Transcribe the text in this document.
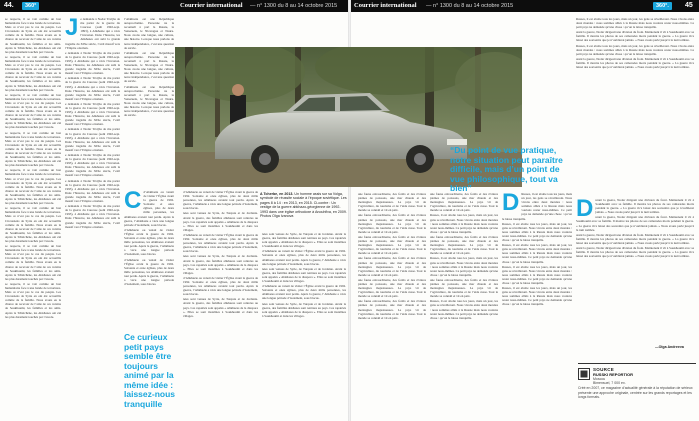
44.	360°	Courrier international — n° 1300 du 8 au 14 octobre 2015

se respecte, il se voit comme un bon humanitaire face à une bande de terroristes. Mais ce n’est pas le cas du peuple. Les Circassiens de Syrie en ont été accueillis comme de la famille. Nous avons eu la chance de recevoir de l’aide de ces voisins de Soukhoumi, les familles et les amis. Après le Tchétchène, les Abkhazes ont été les plus durement touchés par l’exode.

se respecte, il se voit comme un bon humanitaire face à une bande de terroristes. Mais ce n’est pas le cas du peuple. Les Circassiens de Syrie en ont été accueillis comme de la famille. Nous avons eu la chance de recevoir de l’aide de ces voisins de Soukhoumi, les familles et les amis. Après le Tchétchène, les Abkhazes ont été les plus durement touchés par l’exode.

se respecte, il se voit comme un bon humanitaire face à une bande de terroristes. Mais ce n’est pas le cas du peuple. Les Circassiens de Syrie en ont été accueillis comme de la famille. Nous avons eu la chance de recevoir de l’aide de ces voisins de Soukhoumi, les familles et les amis. Après le Tchétchène, les Abkhazes ont été les plus durement touchés par l’exode.

se respecte, il se voit comme un bon humanitaire face à une bande de terroristes. Mais ce n’est pas le cas du peuple. Les Circassiens de Syrie en ont été accueillis comme de la famille. Nous avons eu la chance de recevoir de l’aide de ces voisins de Soukhoumi, les familles et les amis. Après le Tchétchène, les Abkhazes ont été les plus durement touchés par l’exode.

se respecte, il se voit comme un bon humanitaire face à une bande de terroristes. Mais ce n’est pas le cas du peuple. Les Circassiens de Syrie en ont été accueillis comme de la famille. Nous avons eu la chance de recevoir de l’aide de ces voisins de Soukhoumi, les familles et les amis. Après le Tchétchène, les Abkhazes ont été les plus durement touchés par l’exode.

se respecte, il se voit comme un bon humanitaire face à une bande de terroristes. Mais ce n’est pas le cas du peuple. Les Circassiens de Syrie en ont été accueillis comme de la famille. Nous avons eu la chance de recevoir de l’aide de ces voisins de Soukhoumi, les familles et les amis. Après le Tchétchène, les Abkhazes ont été les plus durement touchés par l’exode.

se respecte, il se voit comme un bon humanitaire face à une bande de terroristes. Mais ce n’est pas le cas du peuple. Les Circassiens de Syrie en ont été accueillis comme de la famille. Nous avons eu la chance de recevoir de l’aide de ces voisins de Soukhoumi, les familles et les amis. Après le Tchétchène, les Abkhazes ont été les plus durement touchés par l’exode.

se respecte, il se voit comme un bon humanitaire face à une bande de terroristes. Mais ce n’est pas le cas du peuple. Les Circassiens de Syrie en ont été accueillis comme de la famille. Nous avons eu la chance de recevoir de l’aide de ces voisins de Soukhoumi, les familles et les amis. Après le Tchétchène, les Abkhazes ont été les plus durement touchés par l’exode.

J e demande à Nodar Tsvijba de me parler de la guerre du Caucase (août 1992-sept. 1993), à Abkhazie qui a vécu l’invasion. Dans l’histoire, les Abkhazes ont subi la grande tragédie du XIXe siècle, l’exil massif vers l’Empire ottoman.

e demande à Nodar Tsvijba de me parler de la guerre du Caucase (août 1992-sept. 1993), à Abkhazie qui a vécu l’invasion. Dans l’histoire, les Abkhazes ont subi la grande tragédie du XIXe siècle, l’exil massif vers l’Empire ottoman.

e demande à Nodar Tsvijba de me parler de la guerre du Caucase (août 1992-sept. 1993), à Abkhazie qui a vécu l’invasion. Dans l’histoire, les Abkhazes ont subi la grande tragédie du XIXe siècle, l’exil massif vers l’Empire ottoman.

e demande à Nodar Tsvijba de me parler de la guerre du Caucase (août 1992-sept. 1993), à Abkhazie qui a vécu l’invasion. Dans l’histoire, les Abkhazes ont subi la grande tragédie du XIXe siècle, l’exil massif vers l’Empire ottoman.

e demande à Nodar Tsvijba de me parler de la guerre du Caucase (août 1992-sept. 1993), à Abkhazie qui a vécu l’invasion. Dans l’histoire, les Abkhazes ont subi la grande tragédie du XIXe siècle, l’exil massif vers l’Empire ottoman.

e demande à Nodar Tsvijba de me parler de la guerre du Caucase (août 1992-sept. 1993), à Abkhazie qui a vécu l’invasion. Dans l’histoire, les Abkhazes ont subi la grande tragédie du XIXe siècle, l’exil massif vers l’Empire ottoman.

e demande à Nodar Tsvijba de me parler de la guerre du Caucase (août 1992-sept. 1993), à Abkhazie qui a vécu l’invasion. Dans l’histoire, les Abkhazes ont subi la grande tragédie du XIXe siècle, l’exil massif vers l’Empire ottoman.

e demande à Nodar Tsvijba de me parler de la guerre du Caucase (août 1992-sept. 1993), à Abkhazie qui a vécu l’invasion. Dans l’histoire, les Abkhazes ont subi la grande tragédie du XIXe siècle, l’exil massif vers l’Empire ottoman.

l’Abkhazie est une République autoproclamée. Personne ne la reconnaît à part la Russie, le Venezuela, le Nicaragua et Nauru. Nous avons une langue, une culture, une histoire. Lorsque nous parlons de notre indépendance, c’est une question de survie.

l’Abkhazie est une République autoproclamée. Personne ne la reconnaît à part la Russie, le Venezuela, le Nicaragua et Nauru. Nous avons une langue, une culture, une histoire. Lorsque nous parlons de notre indépendance, c’est une question de survie.

l’Abkhazie est une République autoproclamée. Personne ne la reconnaît à part la Russie, le Venezuela, le Nicaragua et Nauru. Nous avons une langue, une culture, une histoire. Lorsque nous parlons de notre indépendance, c’est une question de survie.

C d’Abkhazie ou venait de visiter l’Église avant la guerre de 1992. Soixante et onze églises, plus de deux mille personnes, les Abkhazes avaient tout perdu. Après la guerre, l’Abkhazie a vécu une longue période d’isolement, sous blocus.

d’Abkhazie ou venait de visiter l’Église avant la guerre de 1992. Soixante et onze églises, plus de deux mille personnes, les Abkhazes avaient tout perdu. Après la guerre, l’Abkhazie a vécu une longue période d’isolement, sous blocus.

d’Abkhazie ou venait de visiter l’Église avant la guerre de 1992. Soixante et onze églises, plus de deux mille personnes, les Abkhazes avaient tout perdu. Après la guerre, l’Abkhazie a vécu une longue période d’isolement, sous blocus.

Ce curieux petit pays semble être toujours animé par la même idée : laissez-nous tranquille

d’Abkhazie ou venait de visiter l’Église avant la guerre de 1992. Soixante et onze églises, plus de deux mille personnes, les Abkhazes avaient tout perdu. Après la guerre, l’Abkhazie a vécu une longue période d’isolement, sous blocus.

nées sont venues de Syrie, de Turquie et de Jordanie. Avant la guerre, des familles abkhazes sont rentrées au pays. Ces rapatriés sont appelés « Abkhazes de la diaspora ». Elles se sont installées à Soukhoumi et dans les villages.

d’Abkhazie ou venait de visiter l’Église avant la guerre de 1992. Soixante et onze églises, plus de deux mille personnes, les Abkhazes avaient tout perdu. Après la guerre, l’Abkhazie a vécu une longue période d’isolement, sous blocus.

nées sont venues de Syrie, de Turquie et de Jordanie. Avant la guerre, des familles abkhazes sont rentrées au pays. Ces rapatriés sont appelés « Abkhazes de la diaspora ». Elles se sont installées à Soukhoumi et dans les villages.

d’Abkhazie ou venait de visiter l’Église avant la guerre de 1992. Soixante et onze églises, plus de deux mille personnes, les Abkhazes avaient tout perdu. Après la guerre, l’Abkhazie a vécu une longue période d’isolement, sous blocus.

nées sont venues de Syrie, de Turquie et de Jordanie. Avant la guerre, des familles abkhazes sont rentrées au pays. Ces rapatriés sont appelés « Abkhazes de la diaspora ». Elles se sont installées à Soukhoumi et dans les villages.

nées sont venues de Syrie, de Turquie et de Jordanie. Avant la guerre, des familles abkhazes sont rentrées au pays. Ces rapatriés sont appelés « Abkhazes de la diaspora ». Elles se sont installées à Soukhoumi et dans les villages.

d’Abkhazie ou venait de visiter l’Église avant la guerre de 1992. Soixante et onze églises, plus de deux mille personnes, les Abkhazes avaient tout perdu. Après la guerre, l’Abkhazie a vécu une longue période d’isolement, sous blocus.

nées sont venues de Syrie, de Turquie et de Jordanie. Avant la guerre, des familles abkhazes sont rentrées au pays. Ces rapatriés sont appelés « Abkhazes de la diaspora ». Elles se sont installées à Soukhoumi et dans les villages.

d’Abkhazie ou venait de visiter l’Église avant la guerre de 1992. Soixante et onze églises, plus de deux mille personnes, les Abkhazes avaient tout perdu. Après la guerre, l’Abkhazie a vécu une longue période d’isolement, sous blocus.

nées sont venues de Syrie, de Turquie et de Jordanie. Avant la guerre, des familles abkhazes sont rentrées au pays. Ces rapatriés sont appelés « Abkhazes de la diaspora ». Elles se sont installées à Soukhoumi et dans les villages.

Courrier international — n° 1300 du 8 au 14 octobre 2015	360°.	45

une faune extraordinaire, des forêts et des rivières pleines de poissons, une mer chaude et des montagnes majestueuses. Le pays vit de l’agriculture, du tourisme et de l’aide russe. Tout le monde se connaît et vit en paix.

une faune extraordinaire, des forêts et des rivières pleines de poissons, une mer chaude et des montagnes majestueuses. Le pays vit de l’agriculture, du tourisme et de l’aide russe. Tout le monde se connaît et vit en paix.

une faune extraordinaire, des forêts et des rivières pleines de poissons, une mer chaude et des montagnes majestueuses. Le pays vit de l’agriculture, du tourisme et de l’aide russe. Tout le monde se connaît et vit en paix.

une faune extraordinaire, des forêts et des rivières pleines de poissons, une mer chaude et des montagnes majestueuses. Le pays vit de l’agriculture, du tourisme et de l’aide russe. Tout le monde se connaît et vit en paix.

une faune extraordinaire, des forêts et des rivières pleines de poissons, une mer chaude et des montagnes majestueuses. Le pays vit de l’agriculture, du tourisme et de l’aide russe. Tout le monde se connaît et vit en paix.

une faune extraordinaire, des forêts et des rivières pleines de poissons, une mer chaude et des montagnes majestueuses. Le pays vit de l’agriculture, du tourisme et de l’aide russe. Tout le monde se connaît et vit en paix.

une faune extraordinaire, des forêts et des rivières pleines de poissons, une mer chaude et des montagnes majestueuses. Le pays vit de l’agriculture, du tourisme et de l’aide russe. Tout le monde se connaît et vit en paix.

Russes, il est abolie tous les jours, mais un jour, les gens se réveilleront. Nous vivons entre deux mondes : nous sommes alliés à la Russie mais nous voulons rester nous-mêmes. Ce petit pays ne demande qu’une chose : qu’on le laisse tranquille.

une faune extraordinaire, des forêts et des rivières pleines de poissons, une mer chaude et des montagnes majestueuses. Le pays vit de l’agriculture, du tourisme et de l’aide russe. Tout le monde se connaît et vit en paix.

Russes, il est abolie tous les jours, mais un jour, les gens se réveilleront. Nous vivons entre deux mondes : nous sommes alliés à la Russie mais nous voulons rester nous-mêmes. Ce petit pays ne demande qu’une chose : qu’on le laisse tranquille.

une faune extraordinaire, des forêts et des rivières pleines de poissons, une mer chaude et des montagnes majestueuses. Le pays vit de l’agriculture, du tourisme et de l’aide russe. Tout le monde se connaît et vit en paix.

Russes, il est abolie tous les jours, mais un jour, les gens se réveilleront. Nous vivons entre deux mondes : nous sommes alliés à la Russie mais nous voulons rester nous-mêmes. Ce petit pays ne demande qu’une chose : qu’on le laisse tranquille.

D Russes, il est abolie tous les jours, mais un jour, les gens se réveilleront. Nous vivons entre deux mondes : nous sommes alliés à la Russie mais nous voulons rester nous-mêmes. Ce petit pays ne demande qu’une chose : qu’on le laisse tranquille.

Russes, il est abolie tous les jours, mais un jour, les gens se réveilleront. Nous vivons entre deux mondes : nous sommes alliés à la Russie mais nous voulons rester nous-mêmes. Ce petit pays ne demande qu’une chose : qu’on le laisse tranquille.

Russes, il est abolie tous les jours, mais un jour, les gens se réveilleront. Nous vivons entre deux mondes : nous sommes alliés à la Russie mais nous voulons rester nous-mêmes. Ce petit pays ne demande qu’une chose : qu’on le laisse tranquille.

Russes, il est abolie tous les jours, mais un jour, les gens se réveilleront. Nous vivons entre deux mondes : nous sommes alliés à la Russie mais nous voulons rester nous-mêmes. Ce petit pays ne demande qu’une chose : qu’on le laisse tranquille.

Russes, il est abolie tous les jours, mais un jour, les gens se réveilleront. Nous vivons entre deux mondes : nous sommes alliés à la Russie mais nous voulons rester nous-mêmes. Ce petit pays ne demande qu’une chose : qu’on le laisse tranquille.

Russes, il est abolie tous les jours, mais un jour, les gens se réveilleront. Nous vivons entre deux mondes : nous sommes alliés à la Russie mais nous voulons rester nous-mêmes. Ce petit pays ne demande qu’une chose : qu’on le laisse tranquille.

urant la guerre, Nodar dirigeait une division du front. Maintenant il vit à Soukhoumi avec sa famille. Il montre les photos de ses camarades morts pendant la guerre. « La guerre m’a laissé des souvenirs que je n’oublierai jamais. » Nous avons parlé jusqu’à la nuit tombée.

Russes, il est abolie tous les jours, mais un jour, les gens se réveilleront. Nous vivons entre deux mondes : nous sommes alliés à la Russie mais nous voulons rester nous-mêmes. Ce petit pays ne demande qu’une chose : qu’on le laisse tranquille.

urant la guerre, Nodar dirigeait une division du front. Maintenant il vit à Soukhoumi avec sa famille. Il montre les photos de ses camarades morts pendant la guerre. « La guerre m’a laissé des souvenirs que je n’oublierai jamais. » Nous avons parlé jusqu’à la nuit tombée.

D urant la guerre, Nodar dirigeait une division du front. Maintenant il vit à Soukhoumi avec sa famille. Il montre les photos de ses camarades morts pendant la guerre. « La guerre m’a laissé des souvenirs que je n’oublierai jamais. » Nous avons parlé jusqu’à la nuit tombée.

urant la guerre, Nodar dirigeait une division du front. Maintenant il vit à Soukhoumi avec sa famille. Il montre les photos de ses camarades morts pendant la guerre. « La guerre m’a laissé des souvenirs que je n’oublierai jamais. » Nous avons parlé jusqu’à la nuit tombée.

urant la guerre, Nodar dirigeait une division du front. Maintenant il vit à Soukhoumi avec sa famille. Il montre les photos de ses camarades morts pendant la guerre. « La guerre m’a laissé des souvenirs que je n’oublierai jamais. » Nous avons parlé jusqu’à la nuit tombée.

urant la guerre, Nodar dirigeait une division du front. Maintenant il vit à Soukhoumi avec sa famille. Il montre les photos de ses camarades morts pendant la guerre. « La guerre m’a laissé des souvenirs que je n’oublierai jamais. » Nous avons parlé jusqu’à la nuit tombée.

A Tcherbe, en 2013. Un homme assis sur sa Volga, symbole de réussite sociale à l’époque soviétique. Les pages 8 à 14 : en 2013, en 2015. Ci-contre : Un vestige de la guerre abkhazo-géorgienne de 1992-1993 dans une église orthodoxe à Anouhfiva, en 2009. Photos Olga Ivanova
“Du point de vue pratique, notre situation peut paraître difficile, mais d’un point de vue philosophique, tout va bien”
—Olga Andreeva
SOURCE
RUSSKI REPORTIOR
Moscou
Bimensuel, 7 000 ex.
Créé en 2007, ce magazine d’actualité générale à la réputation de sérieux présente une approche originale, centrée sur les grands reportages et les longs formats.
